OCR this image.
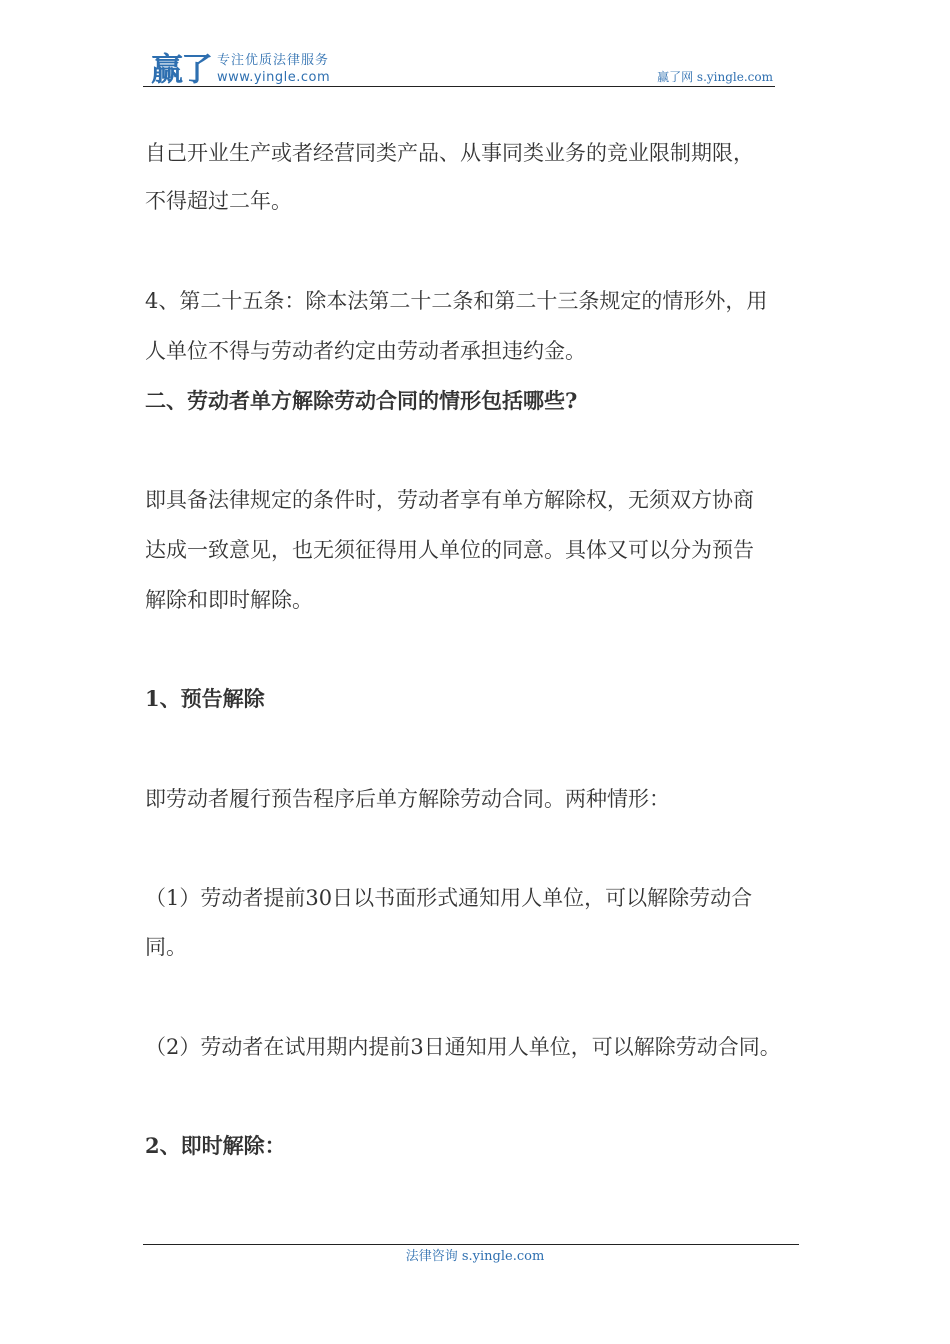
赢了 专注优质法律服务
www.yingle.com	赢了网 s.yingle.com

自己开业生产或者经营同类产品、从事同类业务的竞业限制期限，

不得超过二年。

4、第二十五条：除本法第二十二条和第二十三条规定的情形外，用

人单位不得与劳动者约定由劳动者承担违约金。

二、劳动者单方解除劳动合同的情形包括哪些?

即具备法律规定的条件时，劳动者享有单方解除权，无须双方协商

达成一致意见，也无须征得用人单位的同意。具体又可以分为预告

解除和即时解除。

1、预告解除

即劳动者履行预告程序后单方解除劳动合同。两种情形：

（1）劳动者提前30日以书面形式通知用人单位，可以解除劳动合

同。

（2）劳动者在试用期内提前3日通知用人单位，可以解除劳动合同。

2、即时解除：

法律咨询 s.yingle.com
